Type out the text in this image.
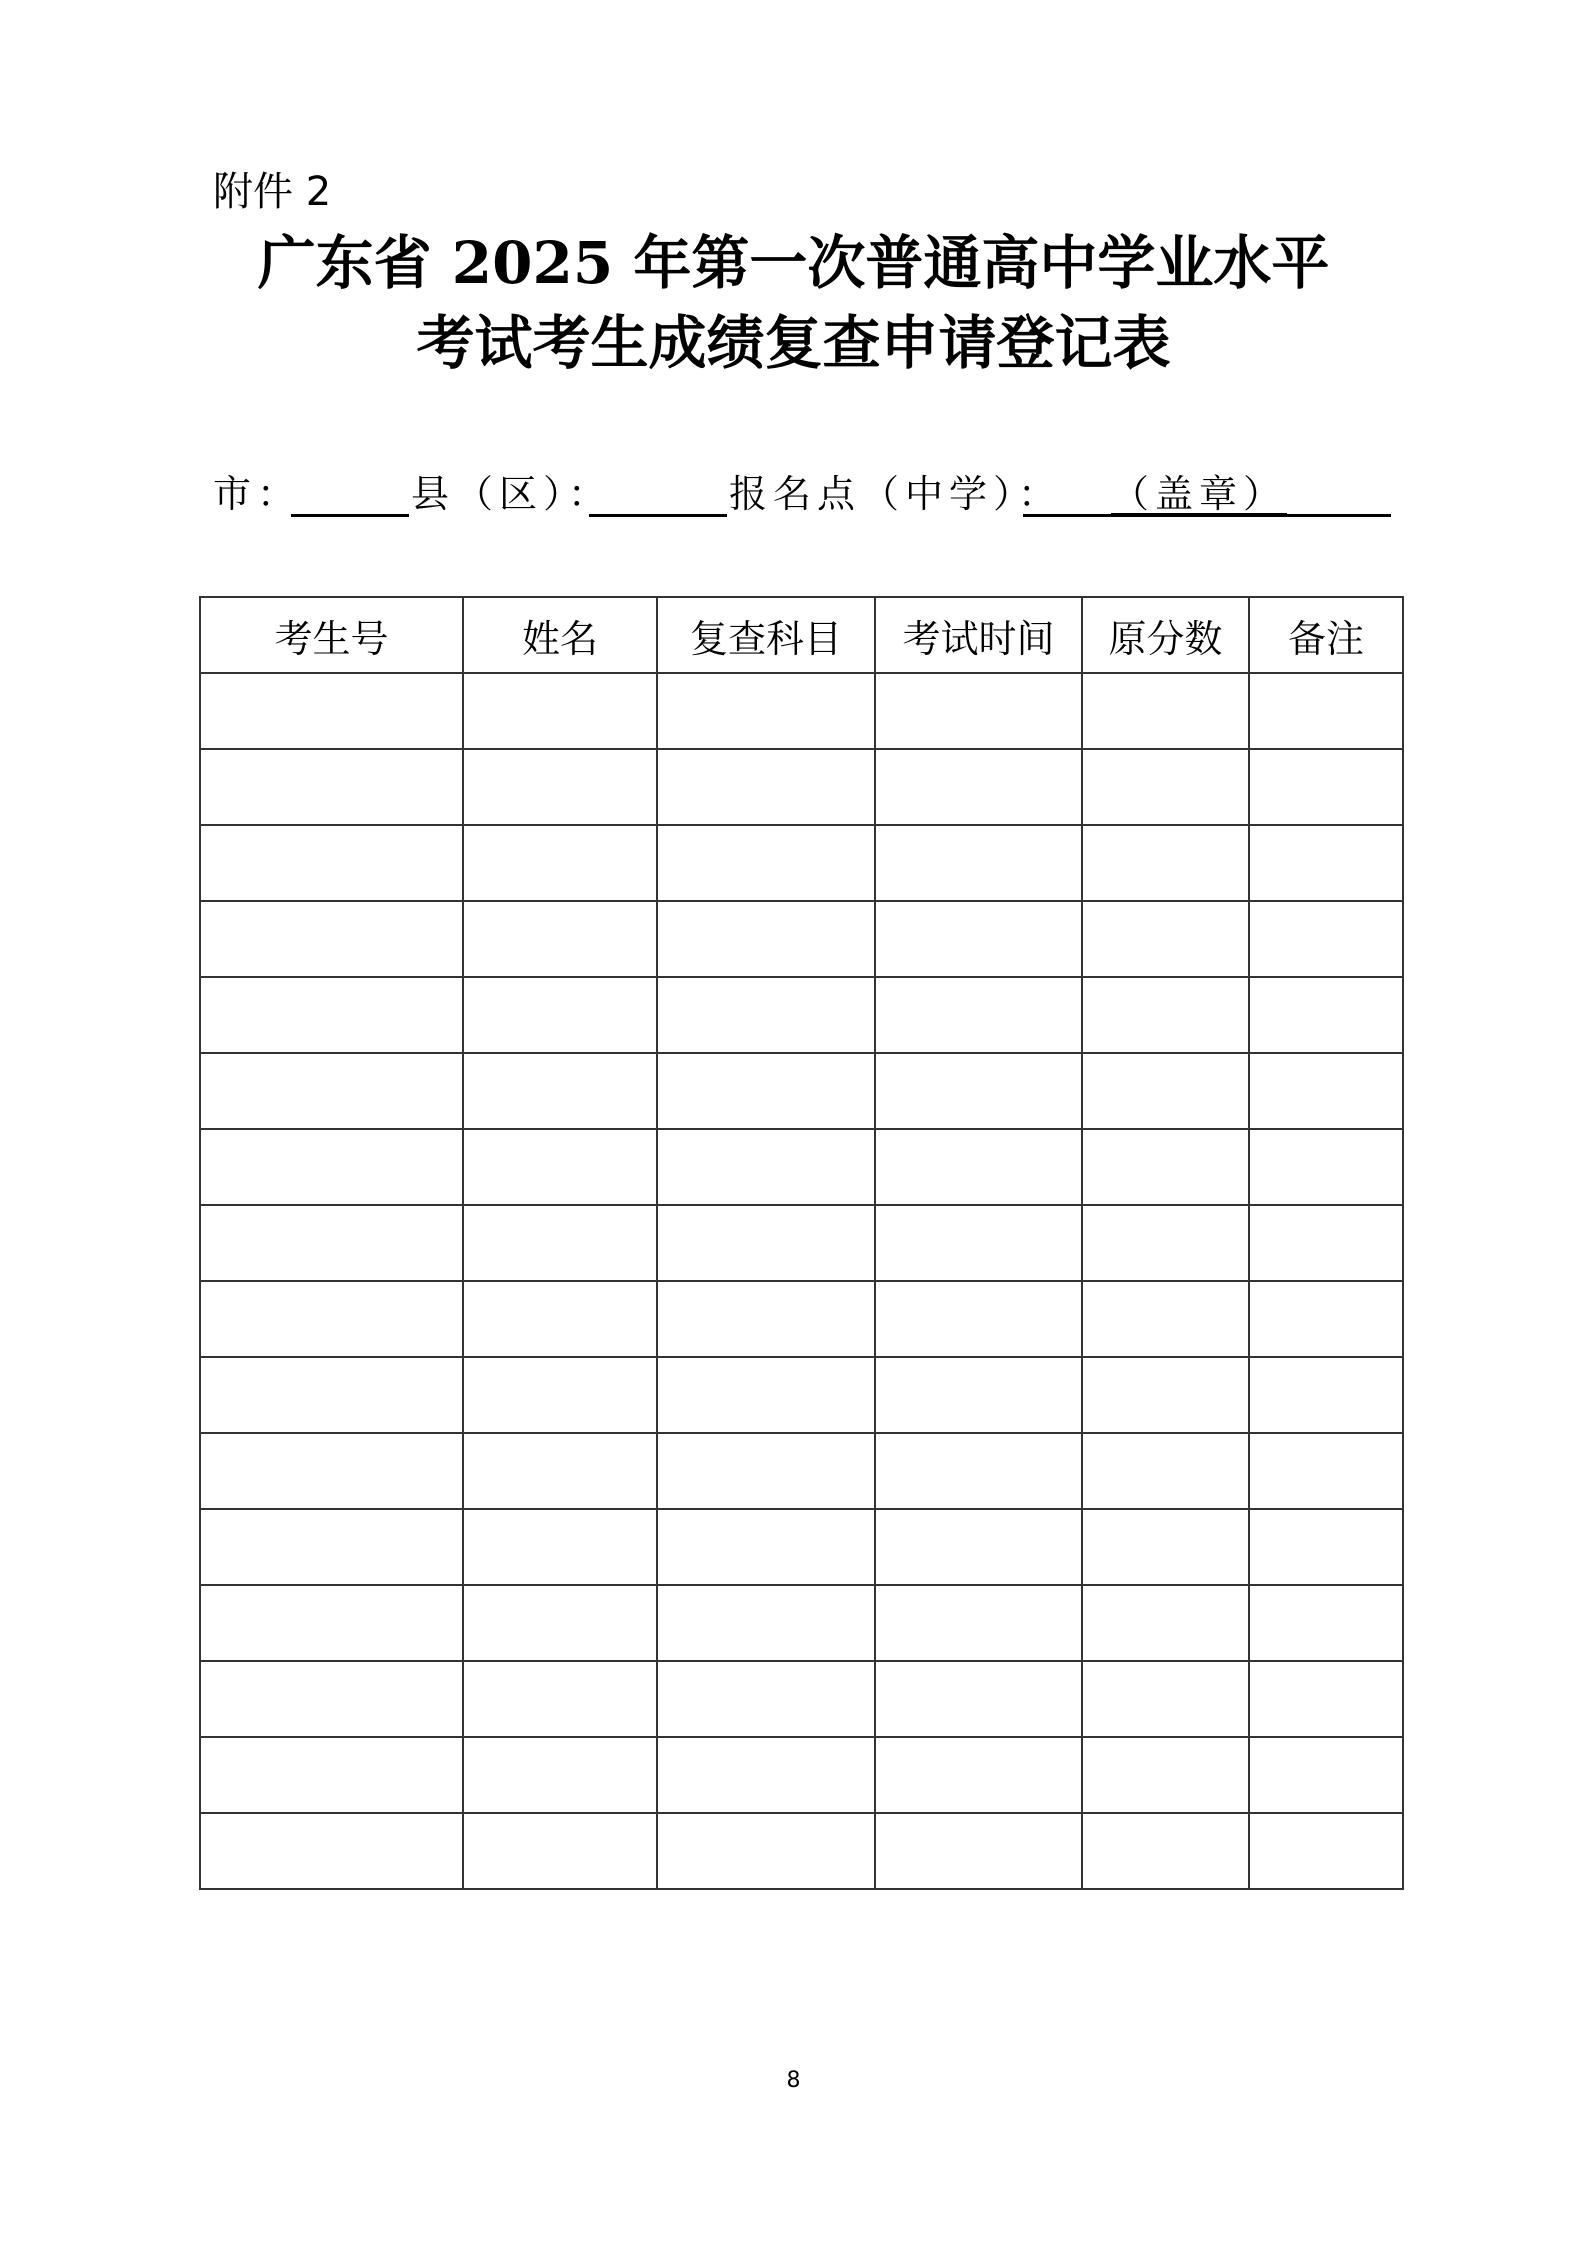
附件 2
广东省 2025 年第一次普通高中学业水平
考试考生成绩复查申请登记表
市：	县（区）：	报名点（中学）： （盖章）
考生号	姓名	复查科目	考试时间	原分数	备注

8
